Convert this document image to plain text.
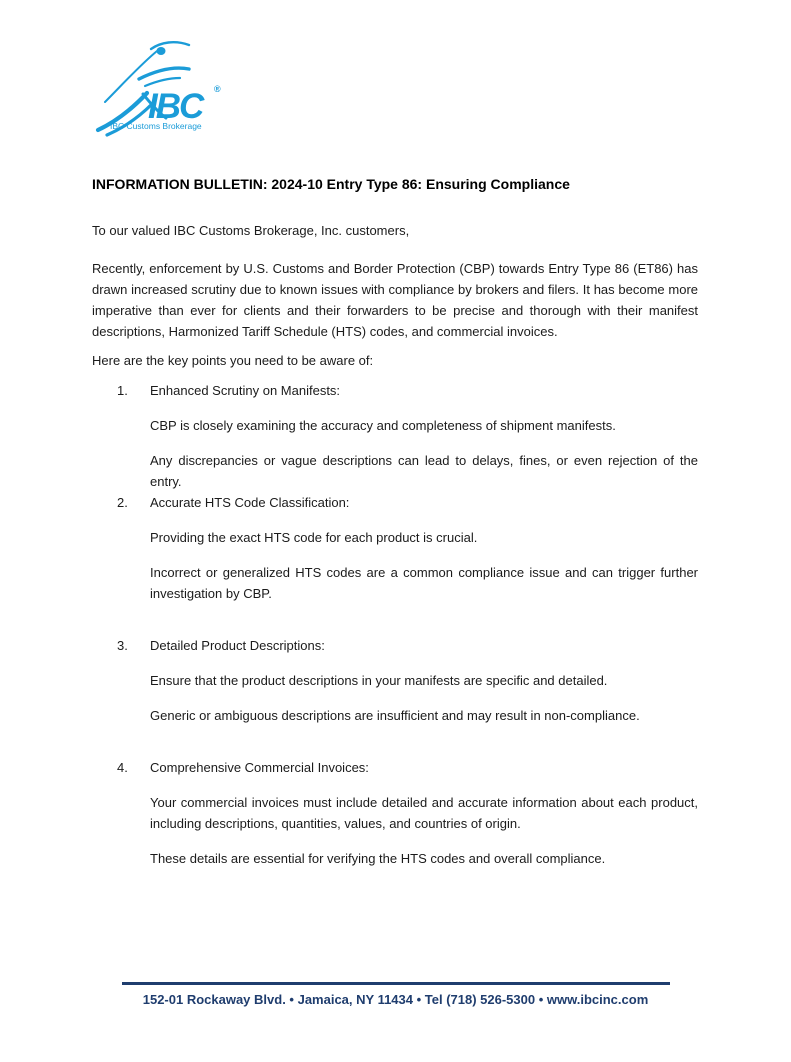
IBC	®
IBC Customs Brokerage
INFORMATION BULLETIN: 2024-10 Entry Type 86: Ensuring Compliance

To our valued IBC Customs Brokerage, Inc. customers,

Recently, enforcement by U.S. Customs and Border Protection (CBP) towards Entry Type 86 (ET86) has drawn increased scrutiny due to known issues with compliance by brokers and filers. It has become more imperative than ever for clients and their forwarders to be precise and thorough with their manifest descriptions, Harmonized Tariff Schedule (HTS) codes, and commercial invoices.

Here are the key points you need to be aware of:

1. Enhanced Scrutiny on Manifests:

CBP is closely examining the accuracy and completeness of shipment manifests.

Any discrepancies or vague descriptions can lead to delays, fines, or even rejection of the entry.

2. Accurate HTS Code Classification:

Providing the exact HTS code for each product is crucial.

Incorrect or generalized HTS codes are a common compliance issue and can trigger further investigation by CBP.

3. Detailed Product Descriptions:

Ensure that the product descriptions in your manifests are specific and detailed.

Generic or ambiguous descriptions are insufficient and may result in non-compliance.

4. Comprehensive Commercial Invoices:

Your commercial invoices must include detailed and accurate information about each product, including descriptions, quantities, values, and countries of origin.

These details are essential for verifying the HTS codes and overall compliance.

152-01 Rockaway Blvd. • Jamaica, NY 11434 • Tel (718) 526-5300 • www.ibcinc.com
